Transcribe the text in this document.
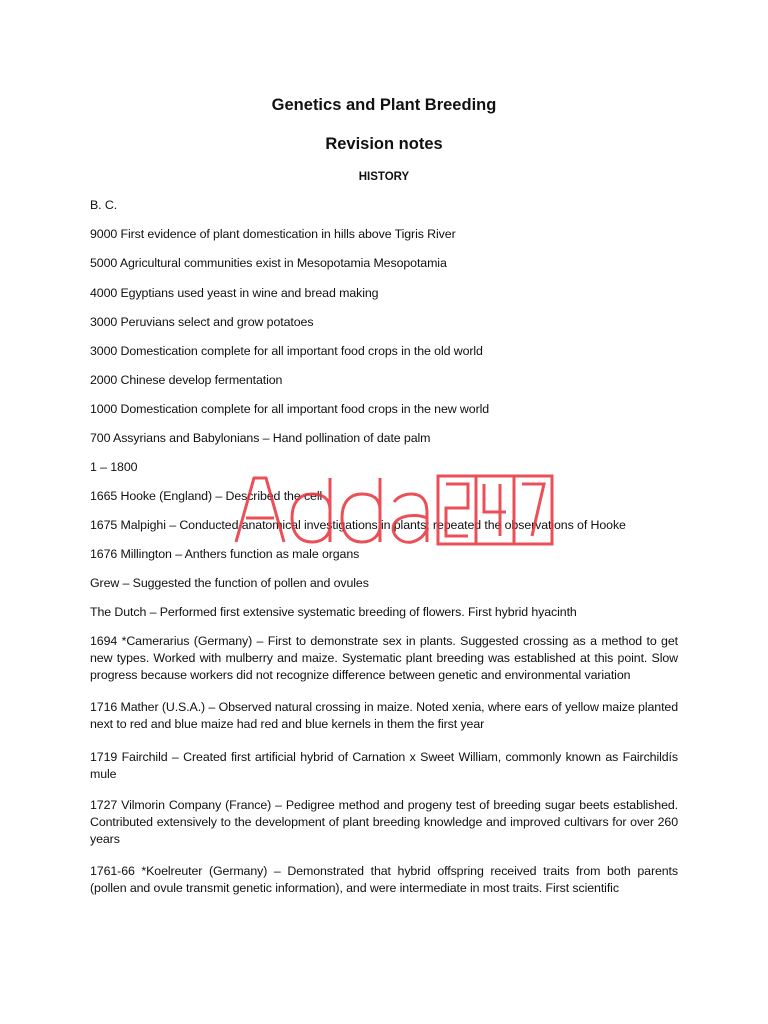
Genetics and Plant Breeding
Revision notes
HISTORY
B. C.
9000 First evidence of plant domestication in hills above Tigris River
5000 Agricultural communities exist in Mesopotamia Mesopotamia
4000 Egyptians used yeast in wine and bread making
3000 Peruvians select and grow potatoes
3000 Domestication complete for all important food crops in the old world
2000 Chinese develop fermentation
1000 Domestication complete for all important food crops in the new world
700 Assyrians and Babylonians – Hand pollination of date palm
1 – 1800
1665 Hooke (England) – Described the cell
1675 Malpighi – Conducted anatomical investigations in plants; repeated the observations of Hooke
1676 Millington – Anthers function as male organs
Grew – Suggested the function of pollen and ovules
The Dutch – Performed first extensive systematic breeding of flowers. First hybrid hyacinth
1694 *Camerarius (Germany) – First to demonstrate sex in plants. Suggested crossing as a method to get new types. Worked with mulberry and maize. Systematic plant breeding was established at this point. Slow progress because workers did not recognize difference between genetic and environmental variation
1716 Mather (U.S.A.) – Observed natural crossing in maize. Noted xenia, where ears of yellow maize planted next to red and blue maize had red and blue kernels in them the first year
1719 Fairchild – Created first artificial hybrid of Carnation x Sweet William, commonly known as Fairchildís mule
1727 Vilmorin Company (France) – Pedigree method and progeny test of breeding sugar beets established. Contributed extensively to the development of plant breeding knowledge and improved cultivars for over 260 years
1761-66 *Koelreuter (Germany) – Demonstrated that hybrid offspring received traits from both parents (pollen and ovule transmit genetic information), and were intermediate in most traits. First scientific
